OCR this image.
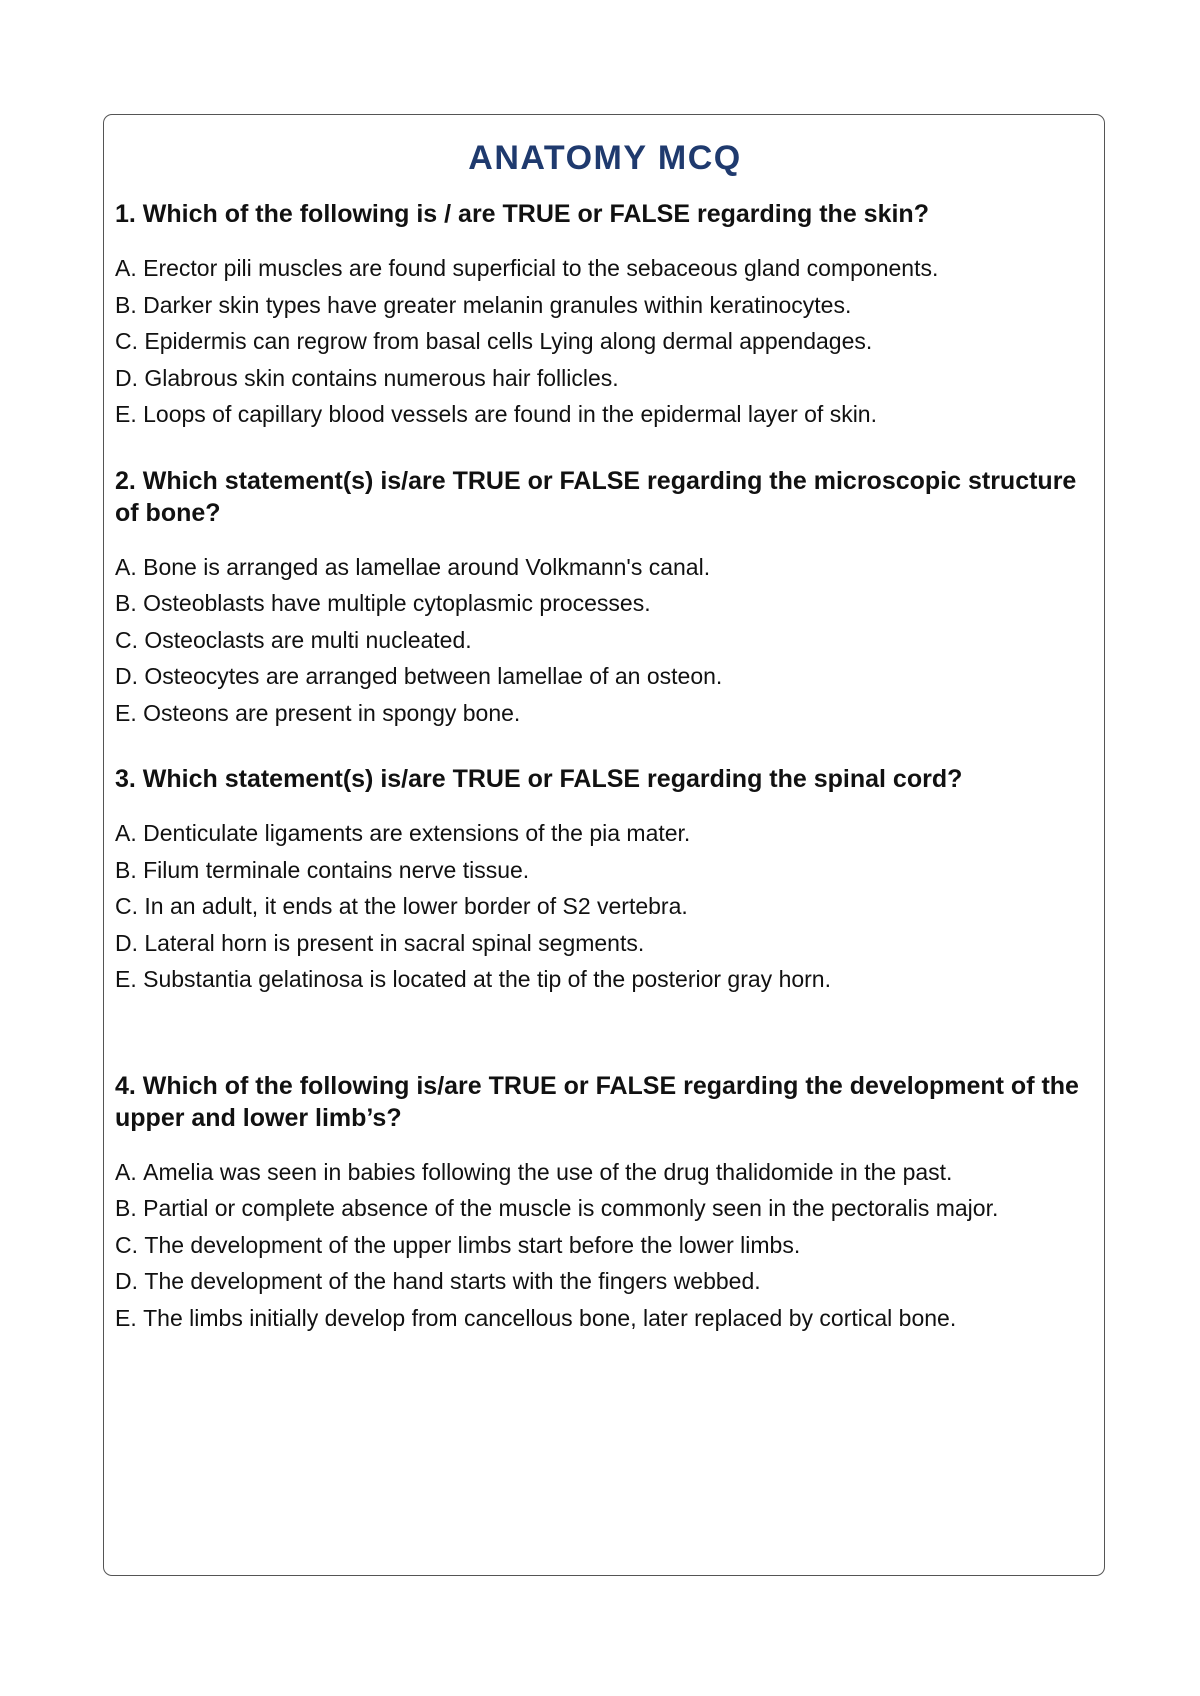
ANATOMY MCQ

1. Which of the following is / are TRUE or FALSE regarding the skin?

A. Erector pili muscles are found superficial to the sebaceous gland components.
B. Darker skin types have greater melanin granules within keratinocytes.
C. Epidermis can regrow from basal cells Lying along dermal appendages.
D. Glabrous skin contains numerous hair follicles.
E. Loops of capillary blood vessels are found in the epidermal layer of skin.

2. Which statement(s) is/are TRUE or FALSE regarding the microscopic structure of bone?

A. Bone is arranged as lamellae around Volkmann's canal.
B. Osteoblasts have multiple cytoplasmic processes.
C. Osteoclasts are multi nucleated.
D. Osteocytes are arranged between lamellae of an osteon.
E. Osteons are present in spongy bone.

3. Which statement(s) is/are TRUE or FALSE regarding the spinal cord?

A. Denticulate ligaments are extensions of the pia mater.
B. Filum terminale contains nerve tissue.
C. In an adult, it ends at the lower border of S2 vertebra.
D. Lateral horn is present in sacral spinal segments.
E. Substantia gelatinosa is located at the tip of the posterior gray horn.

4. Which of the following is/are TRUE or FALSE regarding the development of the upper and lower limb’s?

A. Amelia was seen in babies following the use of the drug thalidomide in the past.
B. Partial or complete absence of the muscle is commonly seen in the pectoralis major.
C. The development of the upper limbs start before the lower limbs.
D. The development of the hand starts with the fingers webbed.
E. The limbs initially develop from cancellous bone, later replaced by cortical bone.
